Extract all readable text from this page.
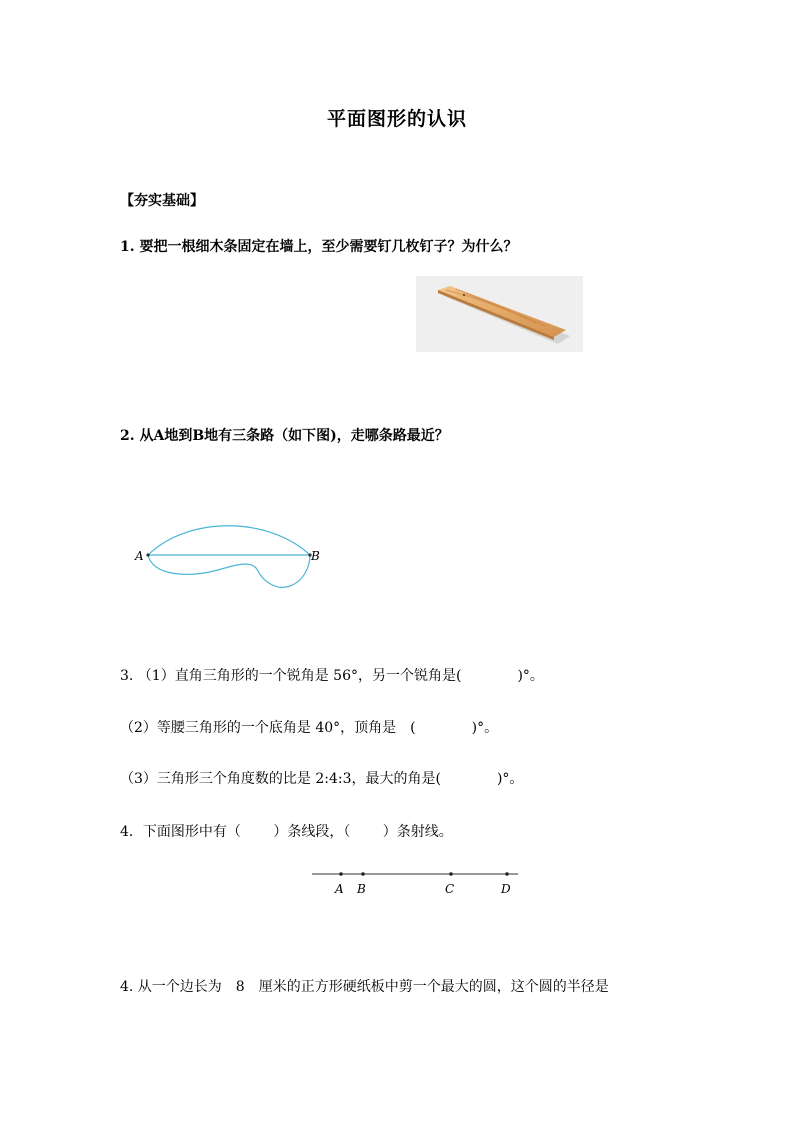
平面图形的认识
【夯实基础】
1. 要把一根细木条固定在墙上，至少需要钉几枚钉子？为什么？
2. 从A地到B地有三条路（如下图)，走哪条路最近？
A	B
3. （1）直角三角形的一个锐角是 56°，另一个锐角是(　　　　)°。
（2）等腰三角形的一个底角是 40°，顶角是　(　　　　)°。
（3）三角形三个角度数的比是 2:4:3，最大的角是(　　　　)°。
4．下面图形中有（　　 ）条线段，（　　 ）条射线。
A B	C	D
4. 从一个边长为　8　厘米的正方形硬纸板中剪一个最大的圆，这个圆的半径是
